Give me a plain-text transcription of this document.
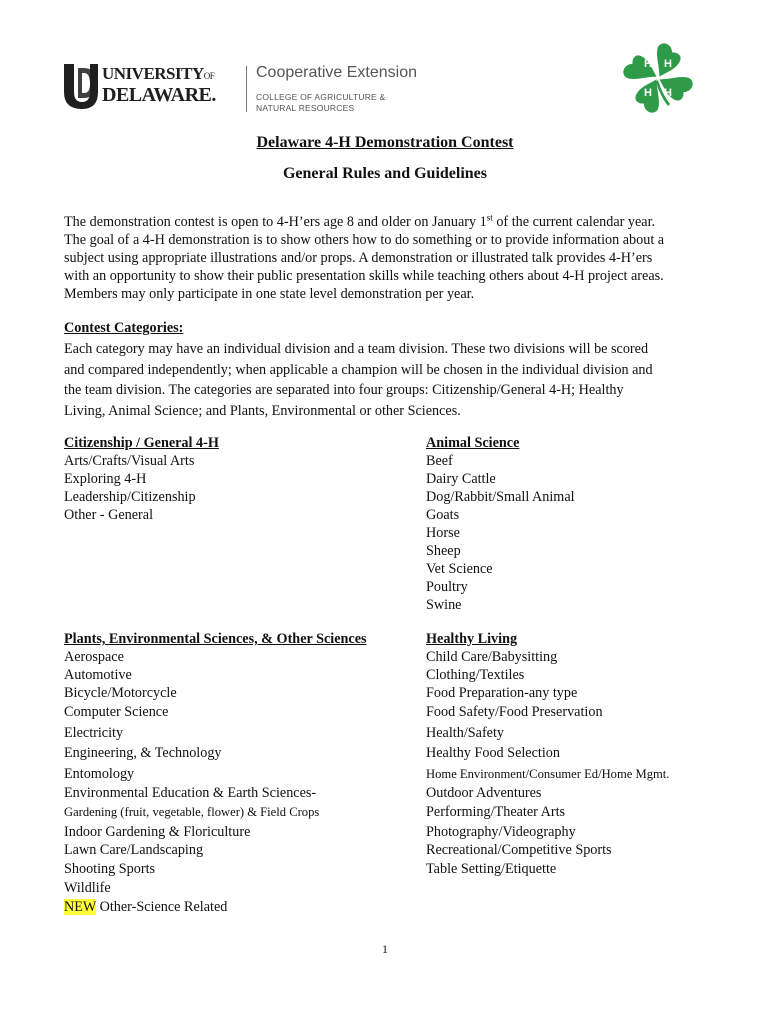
UNIVERSITYOF
DELAWARE.
Cooperative Extension
COLLEGE OF AGRICULTURE &
NATURAL RESOURCES
H H
H H
Delaware 4-H Demonstration Contest
General Rules and Guidelines
The demonstration contest is open to 4-H’ers age 8 and older on January 1st of the current calendar year.
The goal of a 4-H demonstration is to show others how to do something or to provide information about a
subject using appropriate illustrations and/or props. A demonstration or illustrated talk provides 4-H’ers
with an opportunity to show their public presentation skills while teaching others about 4-H project areas.
Members may only participate in one state level demonstration per year.
Contest Categories:
Each category may have an individual division and a team division. These two divisions will be scored
and compared independently; when applicable a champion will be chosen in the individual division and
the team division. The categories are separated into four groups: Citizenship/General 4-H; Healthy
Living, Animal Science; and Plants, Environmental or other Sciences.
Citizenship / General 4-H
Arts/Crafts/Visual Arts
Exploring 4-H
Leadership/Citizenship
Other - General
Animal Science
Beef
Dairy Cattle
Dog/Rabbit/Small Animal
Goats
Horse
Sheep
Vet Science
Poultry
Swine
Plants, Environmental Sciences, & Other Sciences
Aerospace
Automotive
Bicycle/Motorcycle
Computer Science
Electricity
Engineering, & Technology
Entomology
Environmental Education & Earth Sciences-
Gardening (fruit, vegetable, flower) & Field Crops
Indoor Gardening & Floriculture
Lawn Care/Landscaping
Shooting Sports
Wildlife
NEW Other-Science Related
Healthy Living
Child Care/Babysitting
Clothing/Textiles
Food Preparation-any type
Food Safety/Food Preservation
Health/Safety
Healthy Food Selection
Home Environment/Consumer Ed/Home Mgmt.
Outdoor Adventures
Performing/Theater Arts
Photography/Videography
Recreational/Competitive Sports
Table Setting/Etiquette
1
